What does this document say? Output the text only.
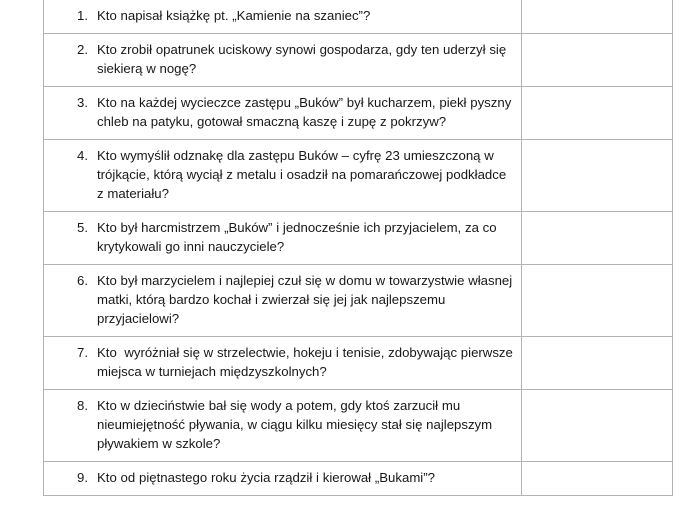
1. Kto napisał książkę pt. „Kamienie na szaniec”?	

2. Kto zrobił opatrunek uciskowy synowi gospodarza, gdy ten uderzył się siekierą w nogę?	

3. Kto na każdej wycieczce zastępu „Buków” był kucharzem, piekł pyszny chleb na patyku, gotował smaczną kaszę i zupę z pokrzyw?	

4. Kto wymyślił odznakę dla zastępu Buków – cyfrę 23 umieszczoną w trójkącie, którą wyciął z metalu i osadził na pomarańczowej podkładce z materiału?	

5. Kto był harcmistrzem „Buków” i jednocześnie ich przyjacielem, za co krytykowali go inni nauczyciele?	

6. Kto był marzycielem i najlepiej czuł się w domu w towarzystwie własnej matki, którą bardzo kochał i zwierzał się jej jak najlepszemu przyjacielowi?	

7. Kto  wyróżniał się w strzelectwie, hokeju i tenisie, zdobywając pierwsze miejsca w turniejach międzyszkolnych?	

8. Kto w dzieciństwie bał się wody a potem, gdy ktoś zarzucił mu nieumiejętność pływania, w ciągu kilku miesięcy stał się najlepszym pływakiem w szkole?	

9. Kto od piętnastego roku życia rządził i kierował „Bukami”?	
